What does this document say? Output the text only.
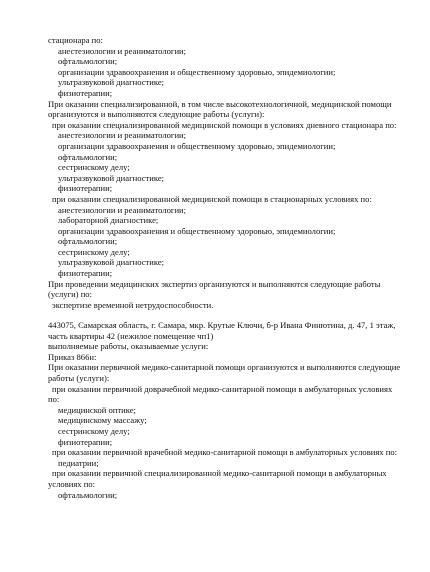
стационара по:
анестезиологии и реаниматологии;
офтальмологии;
организации здравоохранения и общественному здоровью, эпидемиологии;
ультразвуковой диагностике;
физиотерапии;
При оказании специализированной, в том числе высокотехнологичной, медицинской помощи
организуются и выполняются следующие работы (услуги):
при оказании специализированной медицинской помощи в условиях дневного стационара по:
анестезиологии и реаниматологии;
организации здравоохранения и общественному здоровью, эпидемиологии;
офтальмологии;
сестринскому делу;
ультразвуковой диагностике;
физиотерапии;
при оказании специализированной медицинской помощи в стационарных условиях по:
анестезиологии и реаниматологии;
лабораторной диагностике;
организации здравоохранения и общественному здоровью, эпидемиологии;
офтальмологии;
сестринскому делу;
ультразвуковой диагностике;
физиотерапии;
При проведении медицинских экспертиз организуются и выполняются следующие работы
(услуги) по:
экспертизе временной нетрудоспособности.
443075, Самарская область, г. Самара, мкр. Крутые Ключи, б-р Ивана Финютина, д. 47, 1 этаж,
часть квартиры 42 (нежилое помещение чп1)
выполняемые работы, оказываемые услуги:
Приказ 866н:
При оказании первичной медико-санитарной помощи организуются и выполняются следующие
работы (услуги):
при оказании первичной доврачебной медико-санитарной помощи в амбулаторных условиях
по:
медицинской оптике;
медицинскому массажу;
сестринскому делу;
физиотерапии;
при оказании первичной врачебной медико-санитарной помощи в амбулаторных условиях по:
педиатрии;
при оказании первичной специализированной медико-санитарной помощи в амбулаторных
условиях по:
офтальмологии;
